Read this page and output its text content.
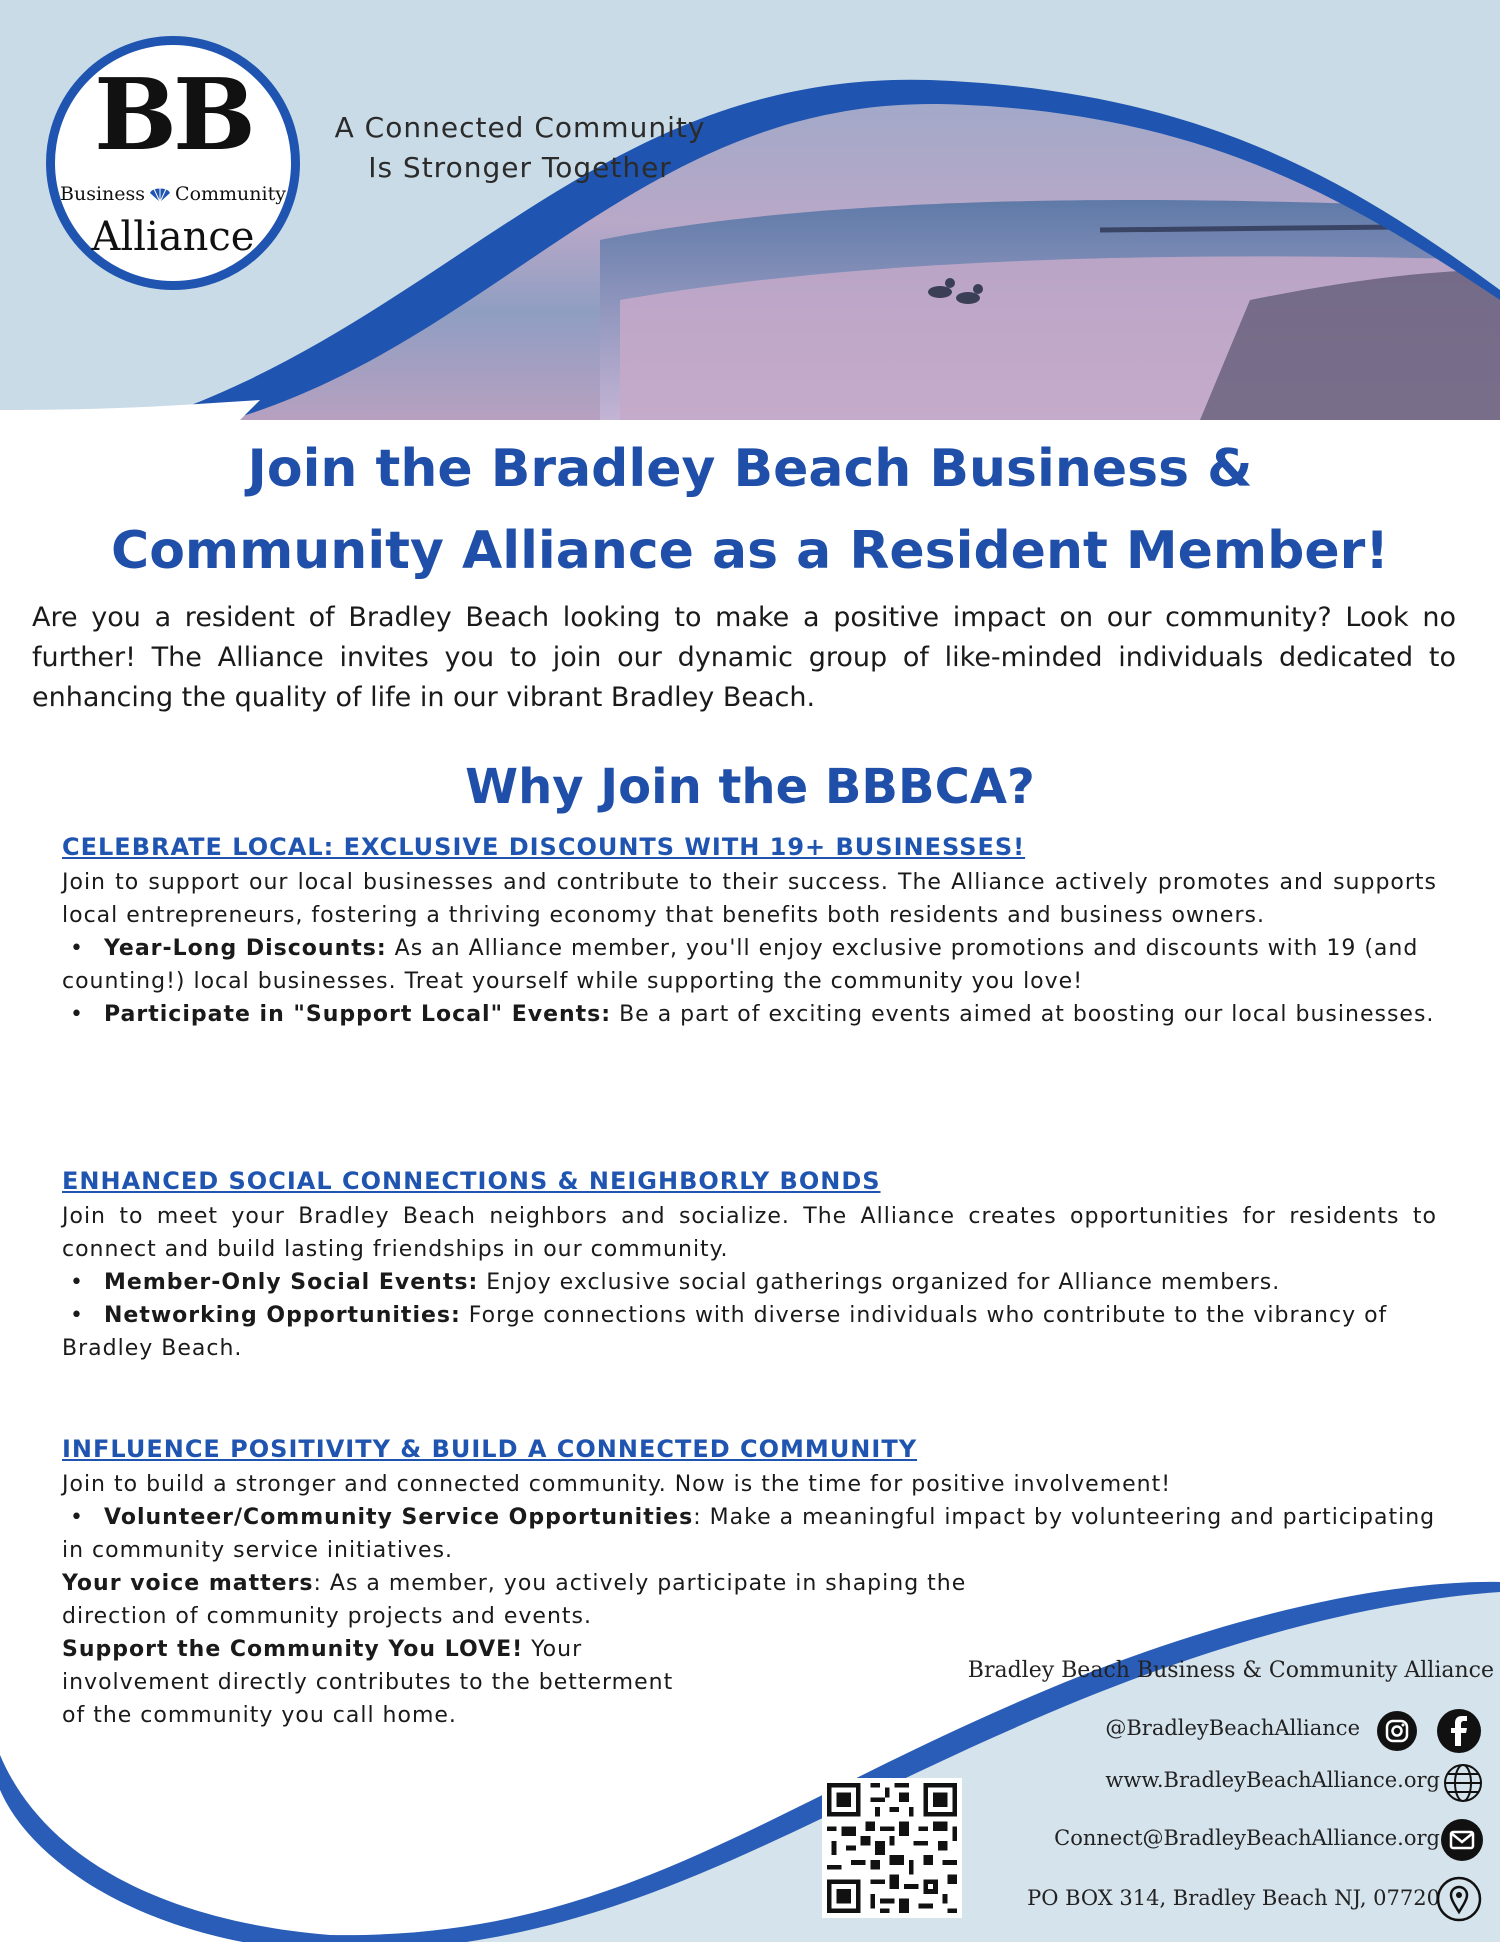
BB
Business Community
Alliance
A Connected Community
Is Stronger Together
Join the Bradley Beach Business &
Community Alliance as a Resident Member!

Are you a resident of Bradley Beach looking to make a positive impact on our community? Look no further! The Alliance invites you to join our dynamic group of like-minded individuals dedicated to enhancing the quality of life in our vibrant Bradley Beach.

Why Join the BBBCA?

CELEBRATE LOCAL: EXCLUSIVE DISCOUNTS WITH 19+ BUSINESSES!

Join to support our local businesses and contribute to their success. The Alliance actively promotes and supports local entrepreneurs, fostering a thriving economy that benefits both residents and business owners.

• Year-Long Discounts: As an Alliance member, you'll enjoy exclusive promotions and discounts with 19 (and counting!) local businesses. Treat yourself while supporting the community you love!

• Participate in "Support Local" Events: Be a part of exciting events aimed at boosting our local businesses.

ENHANCED SOCIAL CONNECTIONS & NEIGHBORLY BONDS

Join to meet your Bradley Beach neighbors and socialize. The Alliance creates opportunities for residents to connect and build lasting friendships in our community.

• Member-Only Social Events: Enjoy exclusive social gatherings organized for Alliance members.

• Networking Opportunities: Forge connections with diverse individuals who contribute to the vibrancy of Bradley Beach.

INFLUENCE POSITIVITY & BUILD A CONNECTED COMMUNITY

Join to build a stronger and connected community. Now is the time for positive involvement!

• Volunteer/Community Service Opportunities: Make a meaningful impact by volunteering and participating in community service initiatives.

Your voice matters: As a member, you actively participate in shaping the direction of community projects and events.

Support the Community You LOVE! Your involvement directly contributes to the betterment of the community you call home.

Bradley Beach Business & Community Alliance
@BradleyBeachAlliance
www.BradleyBeachAlliance.org
Connect@BradleyBeachAlliance.org
PO BOX 314, Bradley Beach NJ, 07720
